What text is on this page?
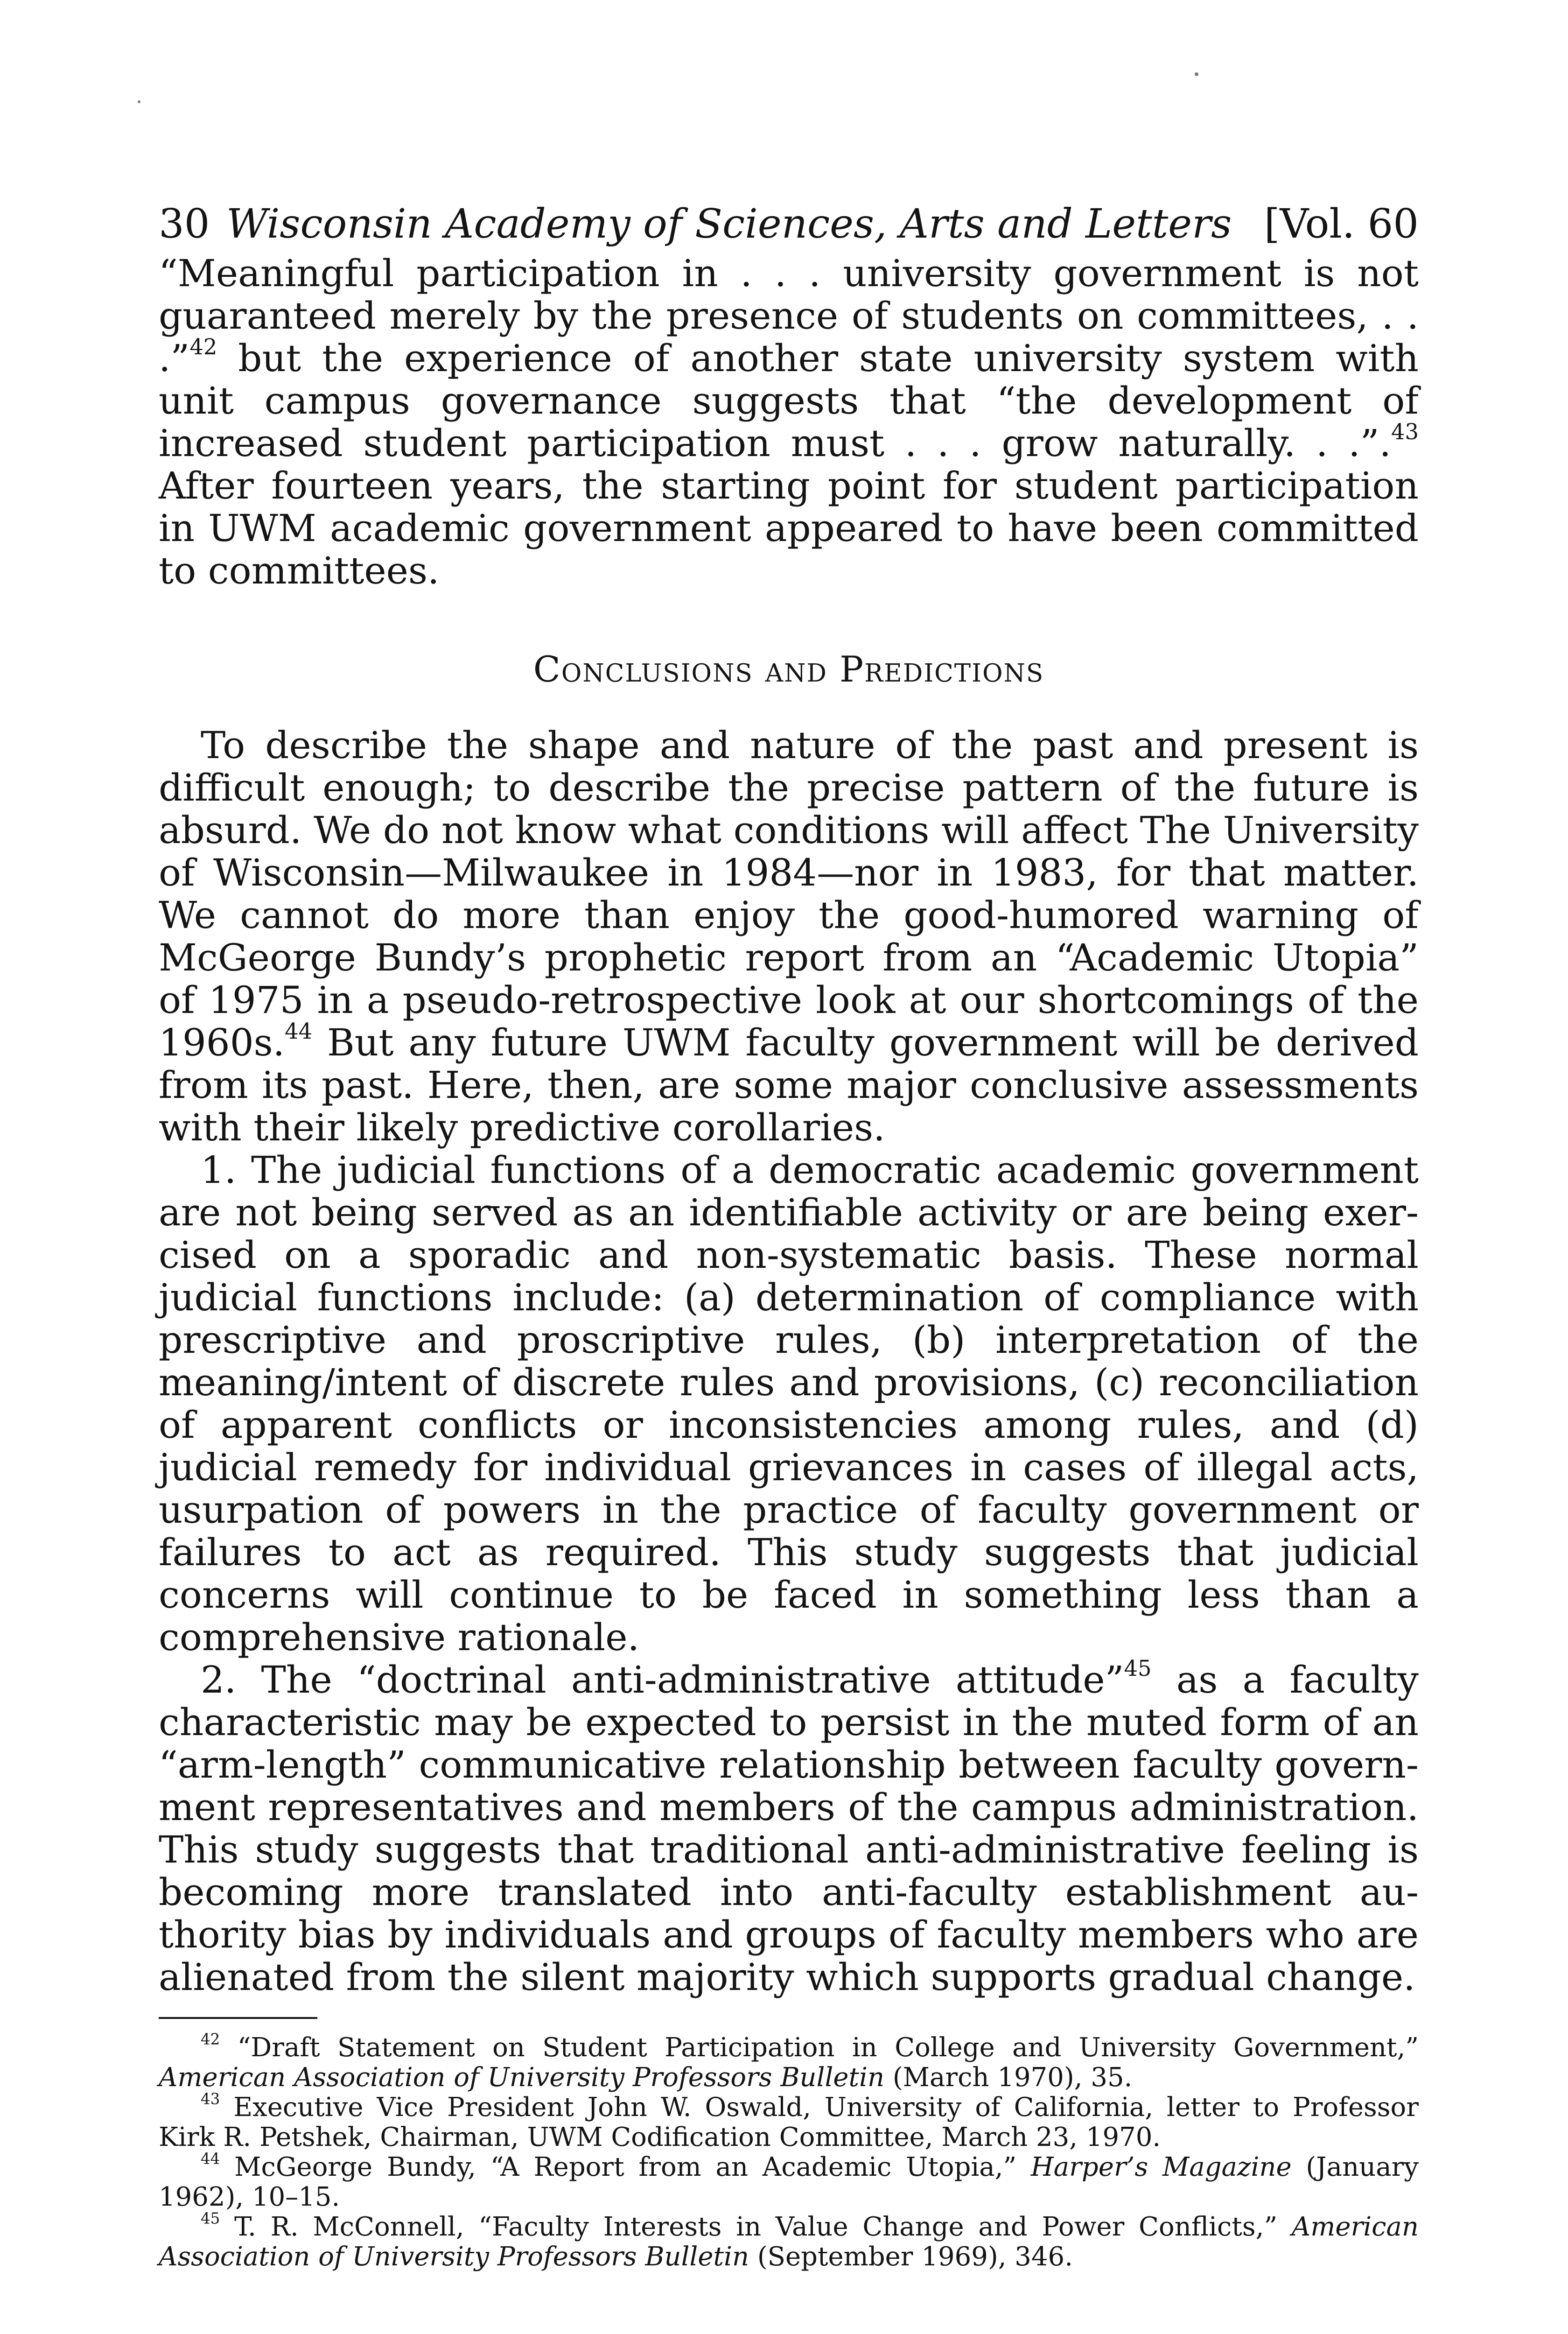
30 Wisconsin Academy of Sciences, Arts and Letters [Vol. 60

“Meaningful participation in . . . university government is not guaranteed merely by the presence of students on committees, . . .”$^{42}$ but the experience of another state university system with unit campus governance suggests that “the development of increased student participation must . . . grow naturally. . .”.$^{43}$ After fourteen years, the starting point for student participation in UWM academic government appeared to have been committed to committees.

Conclusions and Predictions

To describe the shape and nature of the past and present is difficult enough; to describe the precise pattern of the future is absurd. We do not know what conditions will affect The University of Wisconsin—Milwaukee in 1984—nor in 1983, for that matter. We cannot do more than enjoy the good-humored warning of McGeorge Bundy’s prophetic report from an “Academic Utopia” of 1975 in a pseudo-retrospective look at our shortcomings of the 1960s.$^{44}$ But any future UWM faculty government will be derived from its past. Here, then, are some major conclusive assessments with their likely predictive corollaries.

1. The judicial functions of a democratic academic government are not being served as an identifiable activity or are being exercised on a sporadic and non-systematic basis. These normal judicial functions include: (a) determination of compliance with prescriptive and proscriptive rules, (b) interpretation of the meaning/intent of discrete rules and provisions, (c) reconciliation of apparent conflicts or inconsistencies among rules, and (d) judicial remedy for individual grievances in cases of illegal acts, usurpation of powers in the practice of faculty government or failures to act as required. This study suggests that judicial concerns will continue to be faced in something less than a comprehensive rationale.

2. The “doctrinal anti-administrative attitude”$^{45}$ as a faculty characteristic may be expected to persist in the muted form of an “arm-length” communicative relationship between faculty government representatives and members of the campus administration. This study suggests that traditional anti-administrative feeling is becoming more translated into anti-faculty establishment authority bias by individuals and groups of faculty members who are alienated from the silent majority which supports gradual change.

$^{42}$ “Draft Statement on Student Participation in College and University Government,” American Association of University Professors Bulletin (March 1970), 35.

$^{43}$ Executive Vice President John W. Oswald, University of California, letter to Professor Kirk R. Petshek, Chairman, UWM Codification Committee, March 23, 1970.

$^{44}$ McGeorge Bundy, “A Report from an Academic Utopia,” Harper’s Magazine (January 1962), 10–15.

$^{45}$ T. R. McConnell, “Faculty Interests in Value Change and Power Conflicts,” American Association of University Professors Bulletin (September 1969), 346.
